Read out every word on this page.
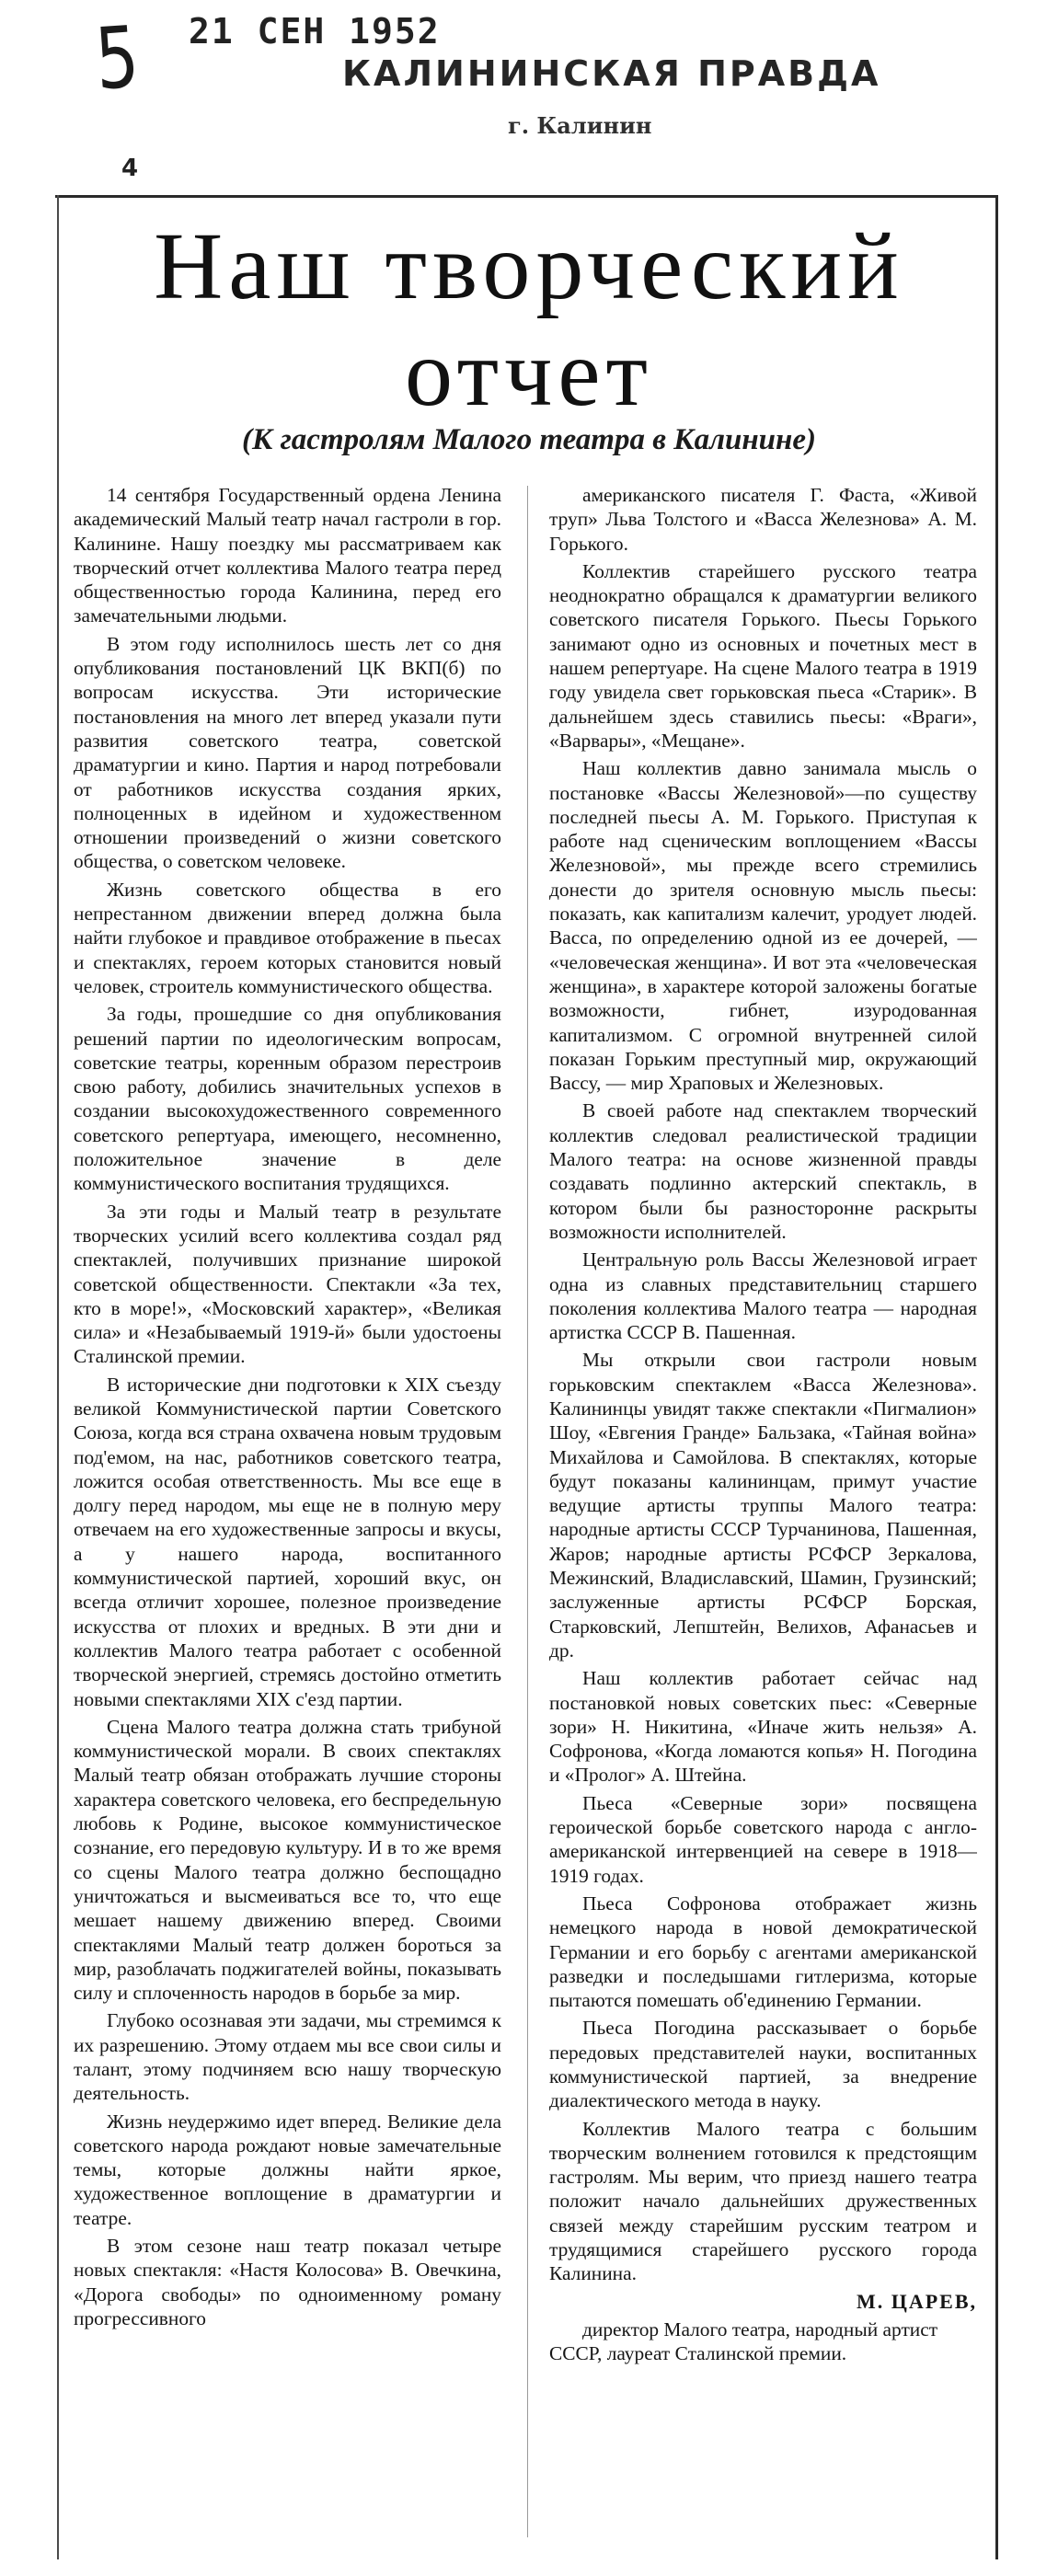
5 21 СЕН 1952
КАЛИНИНСКАЯ ПРАВДА
г. Калинин
4
Наш творческий
отчет
(К гастролям Малого театра в Калинине)

14 сентября Государственный ордена Ленина академический Малый театр начал гастроли в гор. Калинине. Нашу поездку мы рассматриваем как творческий отчет коллектива Малого театра перед общественностью города Калинина, перед его замечательными людьми.

В этом году исполнилось шесть лет со дня опубликования постановлений ЦК ВКП(б) по вопросам искусства. Эти исторические постановления на много лет вперед указали пути развития советского театра, советской драматургии и кино. Партия и народ потребовали от работников искусства создания ярких, полноценных в идейном и художественном отношении произведений о жизни советского общества, о советском человеке.

Жизнь советского общества в его непрестанном движении вперед должна была найти глубокое и правдивое отображение в пьесах и спектаклях, героем которых становится новый человек, строитель коммунистического общества.

За годы, прошедшие со дня опубликования решений партии по идеологическим вопросам, советские театры, коренным образом перестроив свою работу, добились значительных успехов в создании высокохудожественного современного советского репертуара, имеющего, несомненно, положительное значение в деле коммунистического воспитания трудящихся.

За эти годы и Малый театр в результате творческих усилий всего коллектива создал ряд спектаклей, получивших признание широкой советской общественности. Спектакли «За тех, кто в море!», «Московский характер», «Великая сила» и «Незабываемый 1919-й» были удостоены Сталинской премии.

В исторические дни подготовки к XIX съезду великой Коммунистической партии Советского Союза, когда вся страна охвачена новым трудовым под'емом, на нас, работников советского театра, ложится особая ответственность. Мы все еще в долгу перед народом, мы еще не в полную меру отвечаем на его художественные запросы и вкусы, а у нашего народа, воспитанного коммунистической партией, хороший вкус, он всегда отличит хорошее, полезное произведение искусства от плохих и вредных. В эти дни и коллектив Малого театра работает с особенной творческой энергией, стремясь достойно отметить новыми спектаклями XIX с'езд партии.

Сцена Малого театра должна стать трибуной коммунистической морали. В своих спектаклях Малый театр обязан отображать лучшие стороны характера советского человека, его беспредельную любовь к Родине, высокое коммунистическое сознание, его передовую культуру. И в то же время со сцены Малого театра должно беспощадно уничтожаться и высмеиваться все то, что еще мешает нашему движению вперед. Своими спектаклями Малый театр должен бороться за мир, разоблачать поджигателей войны, показывать силу и сплоченность народов в борьбе за мир.

Глубоко осознавая эти задачи, мы стремимся к их разрешению. Этому отдаем мы все свои силы и талант, этому подчиняем всю нашу творческую деятельность.

Жизнь неудержимо идет вперед. Великие дела советского народа рождают новые замечательные темы, которые должны найти яркое, художественное воплощение в драматургии и театре.

В этом сезоне наш театр показал четыре новых спектакля: «Настя Колосова» В. Овечкина, «Дорога свободы» по одноименному роману прогрессивного

американского писателя Г. Фаста, «Живой труп» Льва Толстого и «Васса Железнова» А. М. Горького.

Коллектив старейшего русского театра неоднократно обращался к драматургии великого советского писателя Горького. Пьесы Горького занимают одно из основных и почетных мест в нашем репертуаре. На сцене Малого театра в 1919 году увидела свет горьковская пьеса «Старик». В дальнейшем здесь ставились пьесы: «Враги», «Варвары», «Мещане».

Наш коллектив давно занимала мысль о постановке «Вассы Железновой»—по существу последней пьесы А. М. Горького. Приступая к работе над сценическим воплощением «Вассы Железновой», мы прежде всего стремились донести до зрителя основную мысль пьесы: показать, как капитализм калечит, уродует людей. Васса, по определению одной из ее дочерей, — «человеческая женщина». И вот эта «человеческая женщина», в характере которой заложены богатые возможности, гибнет, изуродованная капитализмом. С огромной внутренней силой показан Горьким преступный мир, окружающий Вассу, — мир Храповых и Железновых.

В своей работе над спектаклем творческий коллектив следовал реалистической традиции Малого театра: на основе жизненной правды создавать подлинно актерский спектакль, в котором были бы разносторонне раскрыты возможности исполнителей.

Центральную роль Вассы Железновой играет одна из славных представительниц старшего поколения коллектива Малого театра — народная артистка СССР В. Пашенная.

Мы открыли свои гастроли новым горьковским спектаклем «Васса Железнова». Калининцы увидят также спектакли «Пигмалион» Шоу, «Евгения Гранде» Бальзака, «Тайная война» Михайлова и Самойлова. В спектаклях, которые будут показаны калининцам, примут участие ведущие артисты труппы Малого театра: народные артисты СССР Турчанинова, Пашенная, Жаров; народные артисты РСФСР Зеркалова, Межинский, Владиславский, Шамин, Грузинский; заслуженные артисты РСФСР Борская, Старковский, Лепштейн, Велихов, Афанасьев и др.

Наш коллектив работает сейчас над постановкой новых советских пьес: «Северные зори» Н. Никитина, «Иначе жить нельзя» А. Софронова, «Когда ломаются копья» Н. Погодина и «Пролог» А. Штейна.

Пьеса «Северные зори» посвящена героической борьбе советского народа с англо-американской интервенцией на севере в 1918—1919 годах.

Пьеса Софронова отображает жизнь немецкого народа в новой демократической Германии и его борьбу с агентами американской разведки и последышами гитлеризма, которые пытаются помешать об'единению Германии.

Пьеса Погодина рассказывает о борьбе передовых представителей науки, воспитанных коммунистической партией, за внедрение диалектического метода в науку.

Коллектив Малого театра с большим творческим волнением готовился к предстоящим гастролям. Мы верим, что приезд нашего театра положит начало дальнейших дружественных связей между старейшим русским театром и трудящимися старейшего русского города Калинина.

М. ЦАРЕВ,

директор Малого театра, народный артист СССР, лауреат Сталинской премии.
